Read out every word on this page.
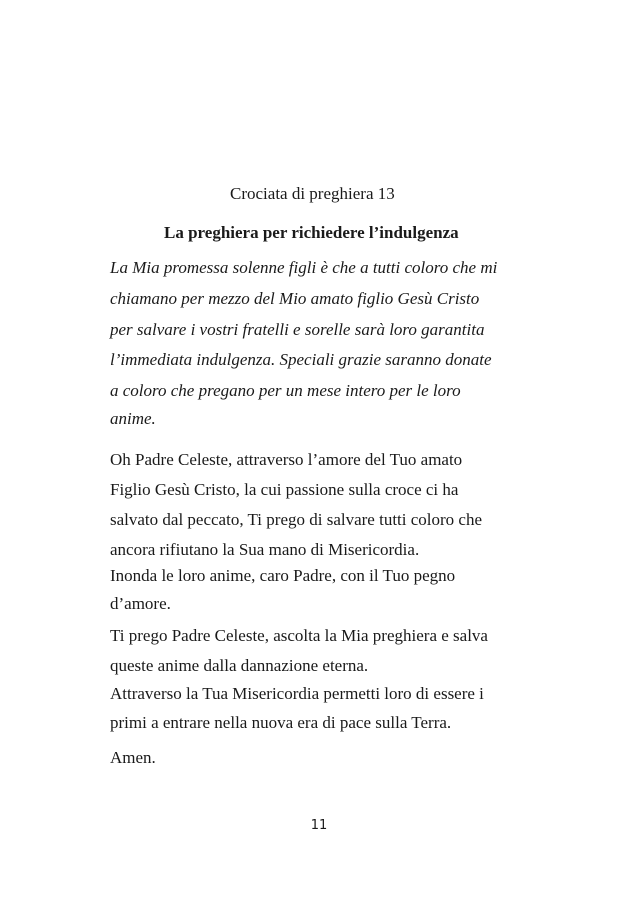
Crociata di preghiera 13
La preghiera per richiedere l’indulgenza
La Mia promessa solenne figli è che a tutti coloro che mi
chiamano per mezzo del Mio amato figlio Gesù Cristo
per salvare i vostri fratelli e sorelle sarà loro garantita
l’immediata indulgenza. Speciali grazie saranno donate
a coloro che pregano per un mese intero per le loro
anime.
Oh Padre Celeste, attraverso l’amore del Tuo amato
Figlio Gesù Cristo, la cui passione sulla croce ci ha
salvato dal peccato, Ti prego di salvare tutti coloro che
ancora rifiutano la Sua mano di Misericordia.
Inonda le loro anime, caro Padre, con il Tuo pegno
d’amore.
Ti prego Padre Celeste, ascolta la Mia preghiera e salva
queste anime dalla dannazione eterna.
Attraverso la Tua Misericordia permetti loro di essere i
primi a entrare nella nuova era di pace sulla Terra.
Amen.
11
